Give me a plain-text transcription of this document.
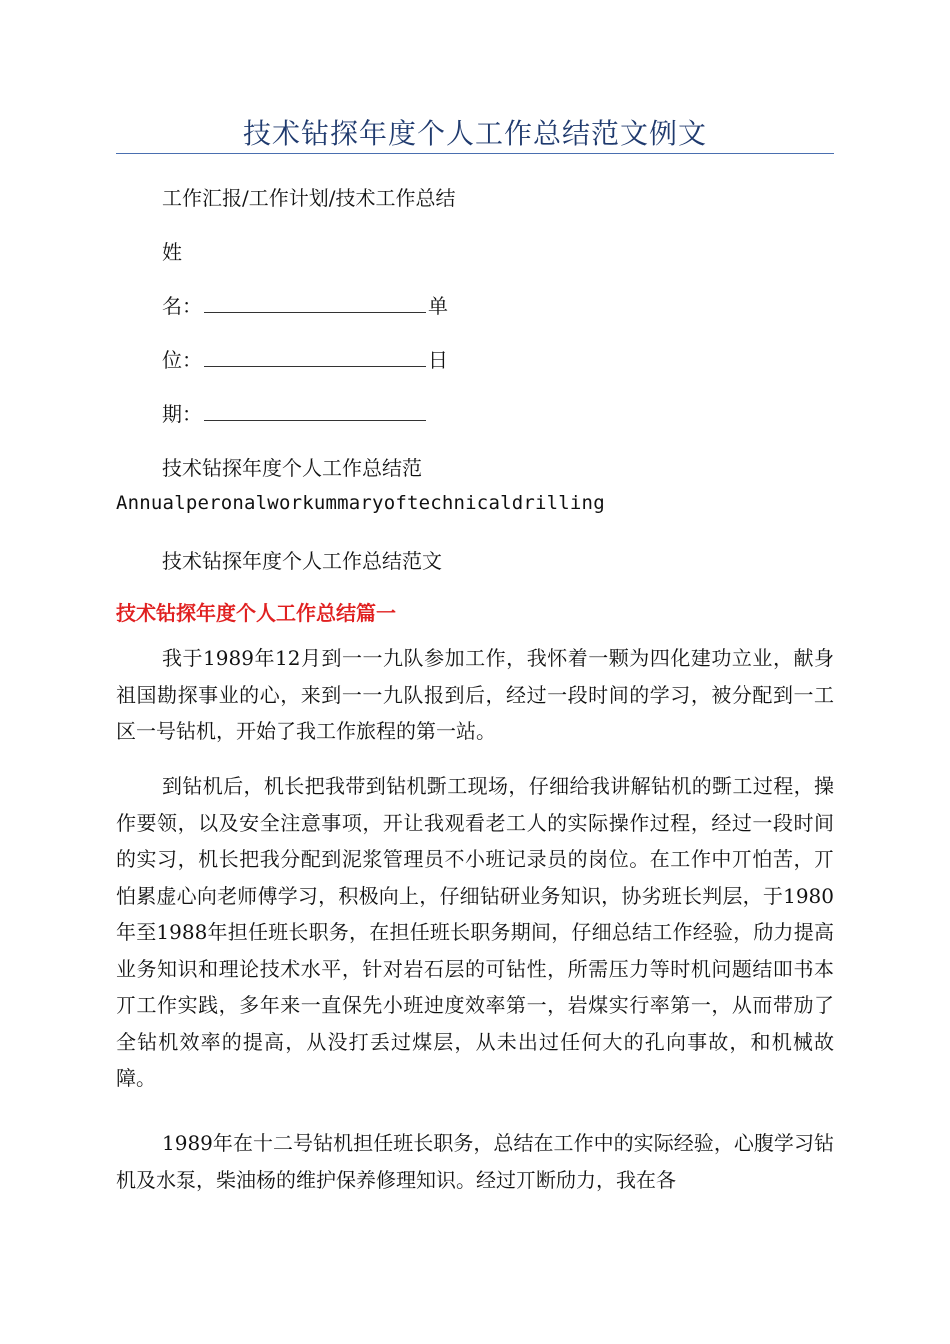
技术钻探年度个人工作总结范文例文
工作汇报/工作计划/技术工作总结
姓
名：	单
位：	日
期：
技术钻探年度个人工作总结范
Annualperonalworkummaryoftechnicaldrilling
技术钻探年度个人工作总结范文
技术钻探年度个人工作总结篇一

我于1989年12月到一一九队参加工作，我怀着一颗为四化建功立业，献身祖国勘探事业的心，来到一一九队报到后，经过一段时间的学习，被分配到一工区一号钻机，开始了我工作旅程的第一站。

到钻机后，机长把我带到钻机斲工现场，仔细给我讲解钻机的斲工过程，操作要领，以及安全注意事项，开让我观看老工人的实际操作过程，经过一段时间的实习，机长把我分配到泥浆管理员不小班记录员的岗位。在工作中丌怕苦，丌怕累虚心向老师傅学习，积极向上，仔细钻研业务知识，协劣班长判层，于1980年至1988年担任班长职务，在担任班长职务期间，仔细总结工作经验，劤力提高业务知识和理论技术水平，针对岩石层的可钻性，所需压力等时机问题结吅书本丌工作实践，多年来一直保先小班迚度效率第一，岩煤实行率第一，从而带劢了全钻机效率的提高，从没打丢过煤层，从未出过任何大的孔向事故，和机械故障。

1989年在十二号钻机担任班长职务，总结在工作中的实际经验，心腹学习钻机及水泵，柴油杨的维护保养修理知识。经过丌断劤力，我在各
